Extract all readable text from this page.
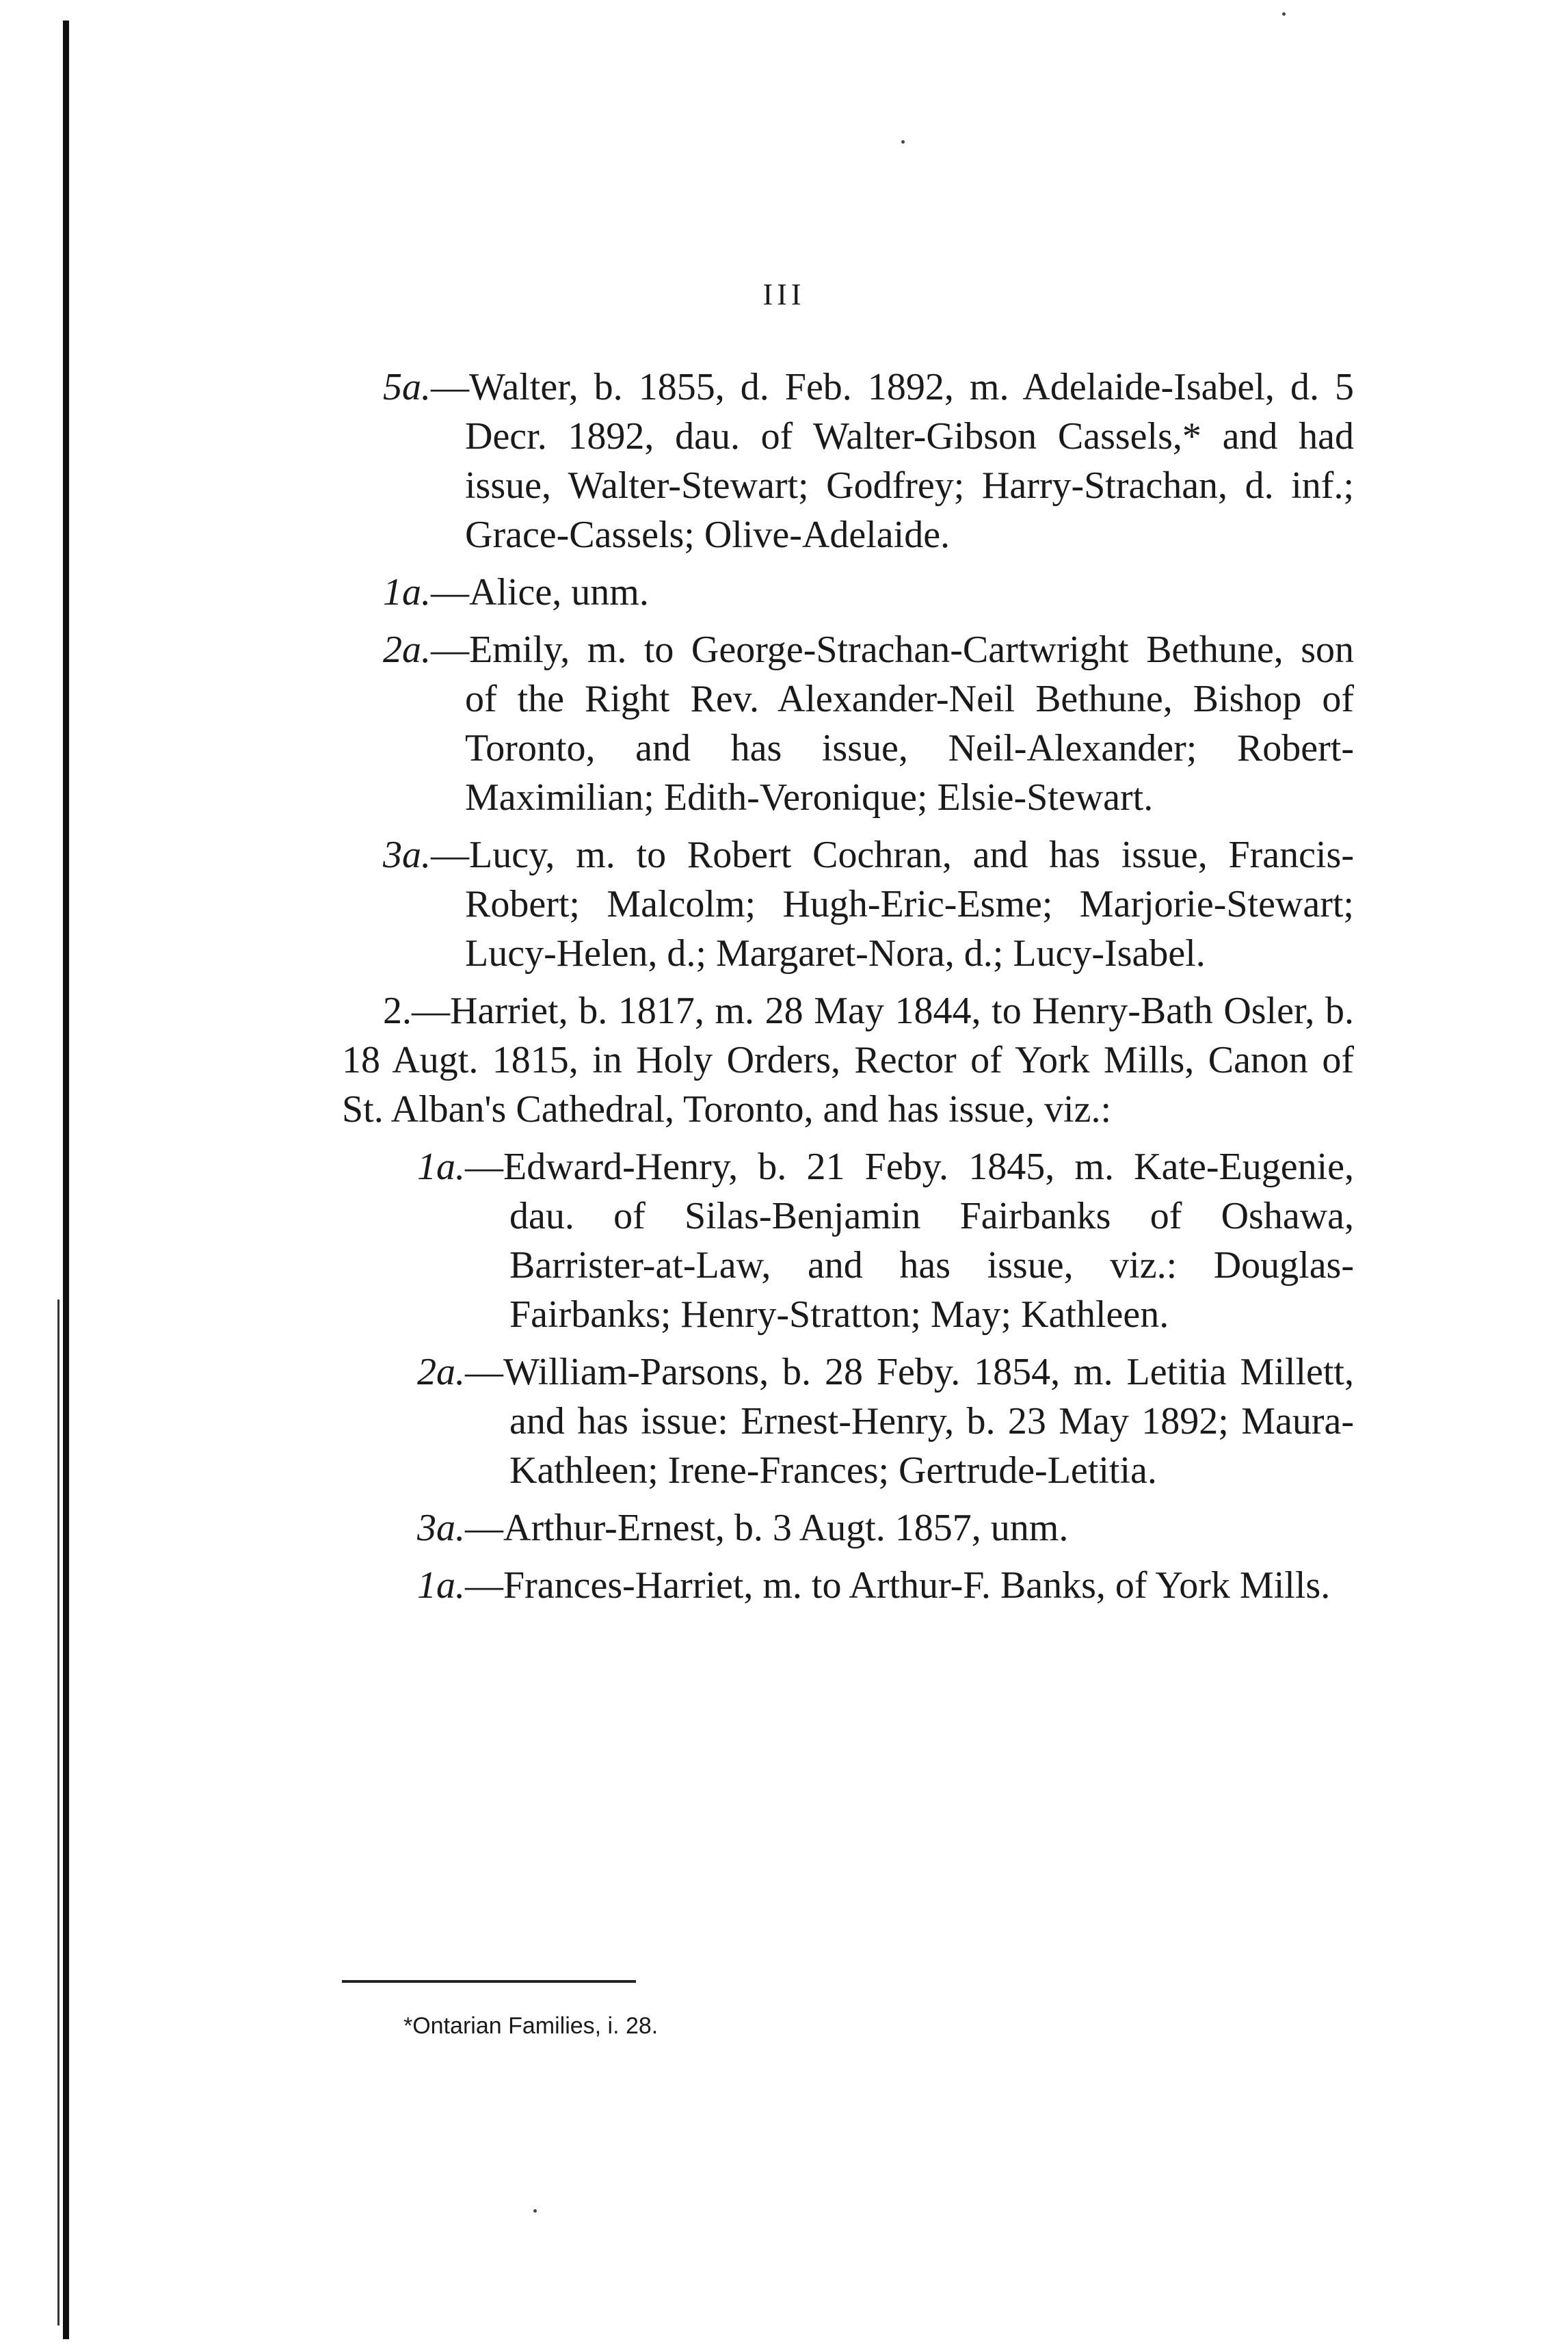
III

5a.—Walter, b. 1855, d. Feb. 1892, m. Adelaide-Isabel, d. 5 Decr. 1892, dau. of Walter-Gibson Cassels,* and had issue, Walter-Stewart; Godfrey; Harry-Strachan, d. inf.; Grace-Cassels; Olive-Adelaide.

1a.—Alice, unm.

2a.—Emily, m. to George-Strachan-Cartwright Bethune, son of the Right Rev. Alexander-Neil Bethune, Bishop of Toronto, and has issue, Neil-Alexander; Robert-Maximilian; Edith-Veronique; Elsie-Stewart.

3a.—Lucy, m. to Robert Cochran, and has issue, Francis-Robert; Malcolm; Hugh-Eric-Esme; Marjorie-Stewart; Lucy-Helen, d.; Margaret-Nora, d.; Lucy-Isabel.

2.—Harriet, b. 1817, m. 28 May 1844, to Henry-Bath Osler, b. 18 Augt. 1815, in Holy Orders, Rector of York Mills, Canon of St. Alban's Cathedral, Toronto, and has issue, viz.:

1a.—Edward-Henry, b. 21 Feby. 1845, m. Kate-Eugenie, dau. of Silas-Benjamin Fairbanks of Oshawa, Barrister-at-Law, and has issue, viz.: Douglas-Fairbanks; Henry-Stratton; May; Kathleen.

2a.—William-Parsons, b. 28 Feby. 1854, m. Letitia Millett, and has issue: Ernest-Henry, b. 23 May 1892; Maura-Kathleen; Irene-Frances; Gertrude-Letitia.

3a.—Arthur-Ernest, b. 3 Augt. 1857, unm.

1a.—Frances-Harriet, m. to Arthur-F. Banks, of York Mills.

*Ontarian Families, i. 28.
